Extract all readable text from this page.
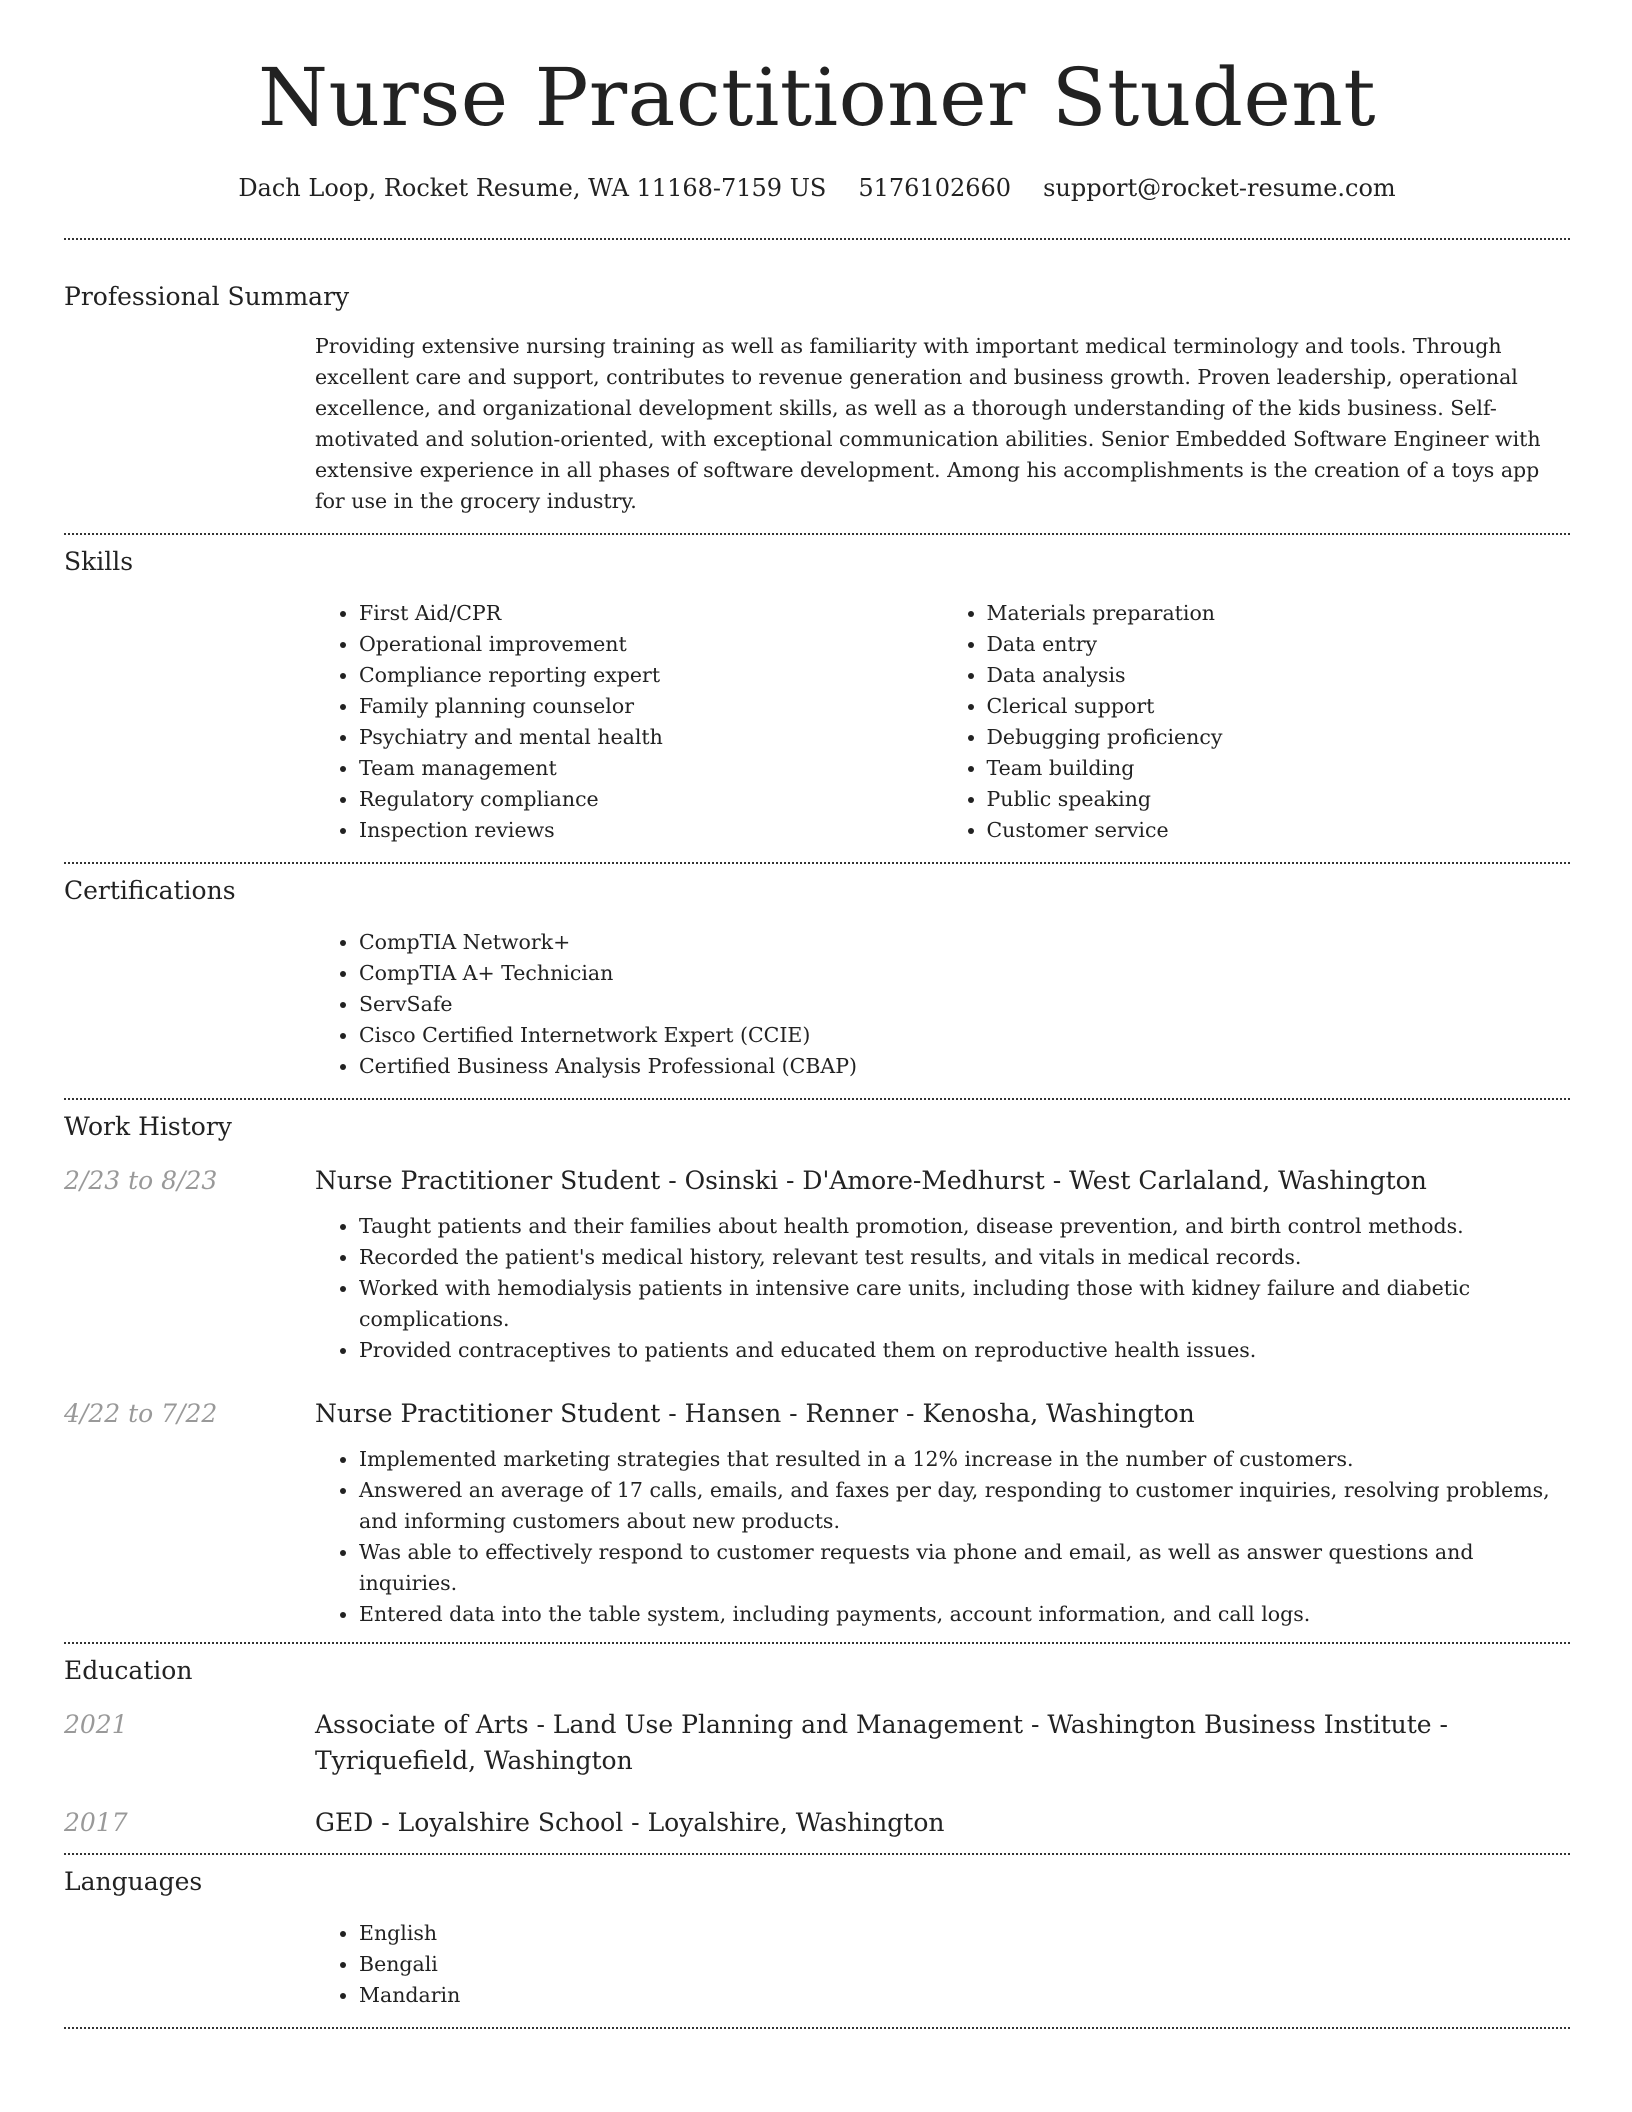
Nurse Practitioner Student
Dach Loop, Rocket Resume, WA 11168-7159 US 5176102660 support@rocket-resume.com
Professional Summary
Providing extensive nursing training as well as familiarity with important medical terminology and tools. Through excellent care and support, contributes to revenue generation and business growth. Proven leadership, operational excellence, and organizational development skills, as well as a thorough understanding of the kids business. Self-motivated and solution-oriented, with exceptional communication abilities. Senior Embedded Software Engineer with extensive experience in all phases of software development. Among his accomplishments is the creation of a toys app for use in the grocery industry.
Skills
• First Aid/CPR
• Operational improvement
• Compliance reporting expert
• Family planning counselor
• Psychiatry and mental health
• Team management
• Regulatory compliance
• Inspection reviews
• Materials preparation
• Data entry
• Data analysis
• Clerical support
• Debugging proficiency
• Team building
• Public speaking
• Customer service
Certifications
• CompTIA Network+
• CompTIA A+ Technician
• ServSafe
• Cisco Certified Internetwork Expert (CCIE)
• Certified Business Analysis Professional (CBAP)
Work History
2/23 to 8/23	Nurse Practitioner Student - Osinski - D'Amore-Medhurst - West Carlaland, Washington
• Taught patients and their families about health promotion, disease prevention, and birth control methods.
• Recorded the patient's medical history, relevant test results, and vitals in medical records.
• Worked with hemodialysis patients in intensive care units, including those with kidney failure and diabetic complications.
• Provided contraceptives to patients and educated them on reproductive health issues.
4/22 to 7/22	Nurse Practitioner Student - Hansen - Renner - Kenosha, Washington
• Implemented marketing strategies that resulted in a 12% increase in the number of customers.
• Answered an average of 17 calls, emails, and faxes per day, responding to customer inquiries, resolving problems, and informing customers about new products.
• Was able to effectively respond to customer requests via phone and email, as well as answer questions and inquiries.
• Entered data into the table system, including payments, account information, and call logs.
Education
2021	Associate of Arts - Land Use Planning and Management - Washington Business Institute - Tyriquefield, Washington
2017	GED - Loyalshire School - Loyalshire, Washington
Languages
• English
• Bengali
• Mandarin
